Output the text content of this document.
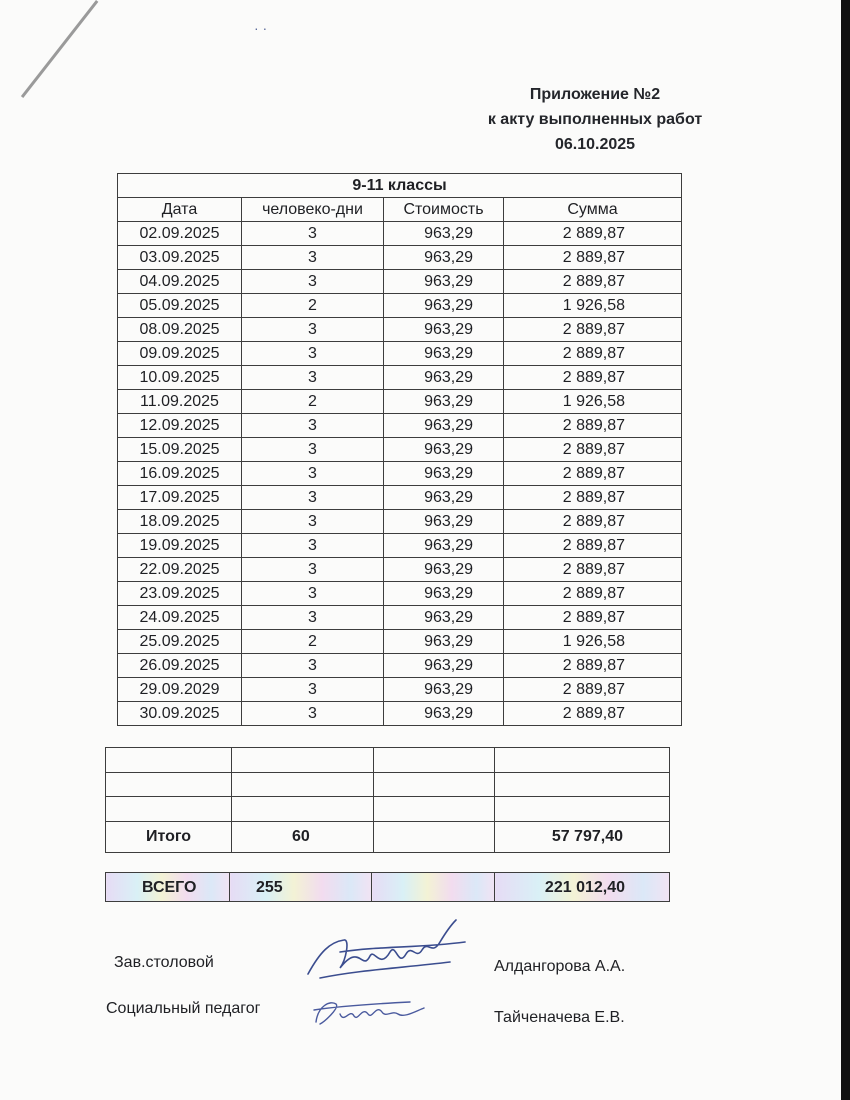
· ·
Приложение №2
к акту выполненных работ
06.10.2025
9-11 классы			
Дата	человеко-дни	Стоимость	Сумма
02.09.2025	3	963,29	2 889,87
03.09.2025	3	963,29	2 889,87
04.09.2025	3	963,29	2 889,87
05.09.2025	2	963,29	1 926,58
08.09.2025	3	963,29	2 889,87
09.09.2025	3	963,29	2 889,87
10.09.2025	3	963,29	2 889,87
11.09.2025	2	963,29	1 926,58
12.09.2025	3	963,29	2 889,87
15.09.2025	3	963,29	2 889,87
16.09.2025	3	963,29	2 889,87
17.09.2025	3	963,29	2 889,87
18.09.2025	3	963,29	2 889,87
19.09.2025	3	963,29	2 889,87
22.09.2025	3	963,29	2 889,87
23.09.2025	3	963,29	2 889,87
24.09.2025	3	963,29	2 889,87
25.09.2025	2	963,29	1 926,58
26.09.2025	3	963,29	2 889,87
29.09.2029	3	963,29	2 889,87
30.09.2025	3	963,29	2 889,87

Итого	60		57 797,40
ВСЕГО	255		221 012,40
Зав.столовой	Алдангорова А.А.
Социальный педагог
Тайченачева Е.В.
